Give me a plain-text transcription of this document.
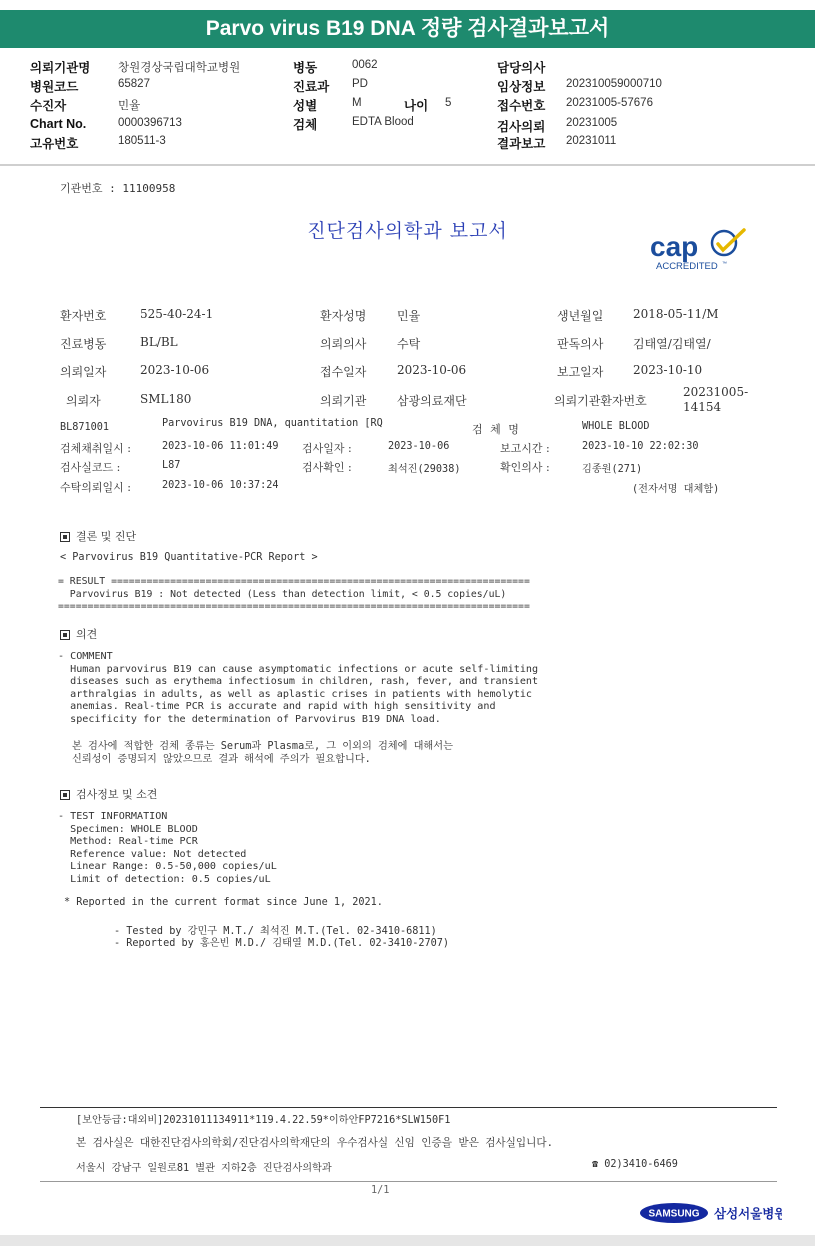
Parvo virus B19 DNA 정량 검사결과보고서
의뢰기관명 창원경상국립대학교병원
병원코드	65827
수진자	민율
Chart No.	0000396713
고유번호	180511-3
병동	0062
진료과 PD
성별	M	나이 5
검체	EDTA Blood
담당의사
임상정보 202310059000710
접수번호 20231005-57676
검사의뢰 20231005
결과보고 20231011
기관번호 : 11100958
진단검사의학과 보고서	cap
ACCREDITED ™
환자번호	525-40-24-1	환자성명	민율	생년월일 2018-05-11/M
진료병동	BL/BL	의뢰의사	수탁	판독의사 김태열/김태열/
의뢰일자	2023-10-06	접수일자	2023-10-06	보고일자 2023-10-10
의뢰자	SML180	의뢰기관	삼광의료재단	의뢰기관환자번호
20231005-
14154
BL871001	Parvovirus B19 DNA, quantitation [RQ	검 체 명	WHOLE BLOOD
검체채취일시 :	2023-10-06 11:01:49 검사일자 :	2023-10-06	보고시간 :	2023-10-10 22:02:30
검사실코드 :	L87	검사확인 :	최석진(29038)	확인의사 :	김종원(271)
수탁의뢰일시 :	2023-10-06 10:37:24	(전자서명 대체함)
결론 및 진단
< Parvovirus B19 Quantitative-PCR Report >
= RESULT =======================================================================
Parvovirus B19 : Not detected (Less than detection limit, < 0.5 copies/uL)
================================================================================
의견
- COMMENT
Human parvovirus B19 can cause asymptomatic infections or acute self-limiting
diseases such as erythema infectiosum in children, rash, fever, and transient
arthralgias in adults, as well as aplastic crises in patients with hemolytic
anemias. Real-time PCR is accurate and rapid with high sensitivity and
specificity for the determination of Parvovirus B19 DNA load.
본 검사에 적합한 검체 종류는 Serum과 Plasma로, 그 이외의 검체에 대해서는
신뢰성이 증명되지 않았으므로 결과 해석에 주의가 필요합니다.
검사정보 및 소견
- TEST INFORMATION
Specimen: WHOLE BLOOD
Method: Real-time PCR
Reference value: Not detected
Linear Range: 0.5-50,000 copies/uL
Limit of detection: 0.5 copies/uL
* Reported in the current format since June 1, 2021.
- Tested by 강민구 M.T./ 최석진 M.T.(Tel. 02-3410-6811)
- Reported by 홍은빈 M.D./ 김태열 M.D.(Tel. 02-3410-2707)
[보안등급:대외비]20231011134911*119.4.22.59*이하안FP7216*SLW150F1
본 검사실은 대한진단검사의학회/진단검사의학재단의 우수검사실 신임 인증을 받은 검사실입니다.
서울시 강남구 일원로81 별관 지하2층 진단검사의학과	☎ 02)3410-6469
1/1
SAMSUNG 삼성서울병원
